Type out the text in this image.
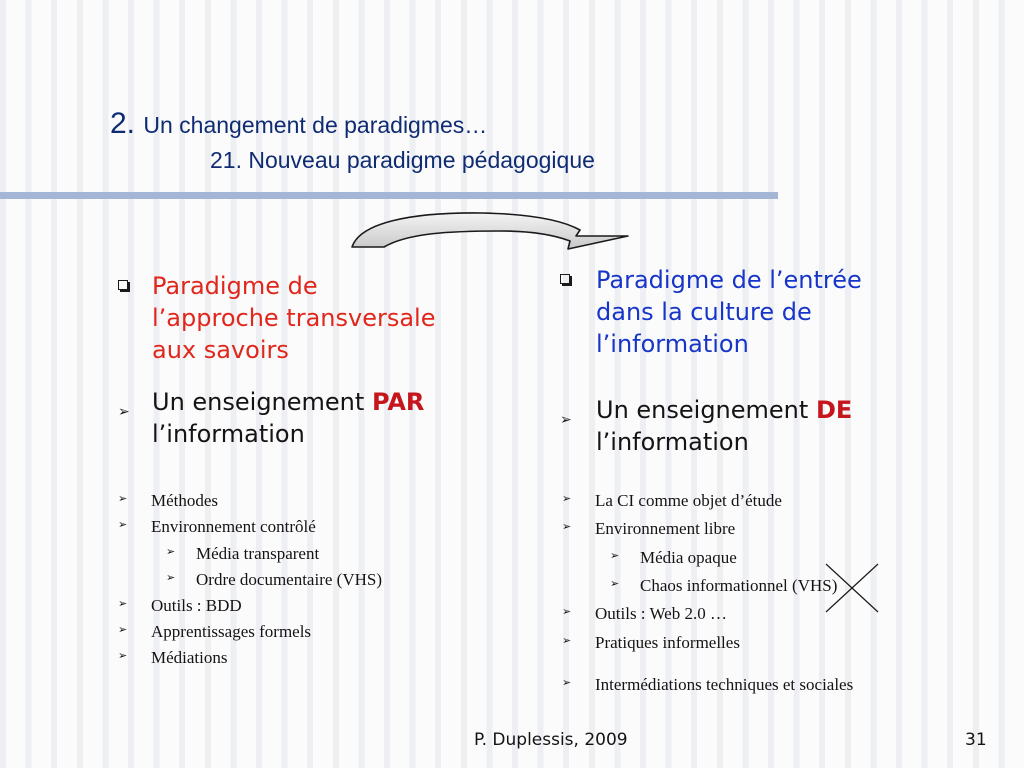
2. Un changement de paradigmes…
21. Nouveau paradigme pédagogique
Paradigme de
l’approche transversale
aux savoirs
➢ Un enseignement PAR
l’information
➢ Méthodes
➢ Environnement contrôlé
➢ Média transparent
➢ Ordre documentaire (VHS)
➢ Outils : BDD
➢ Apprentissages formels
➢ Médiations
Paradigme de l’entrée
dans la culture de
l’information
➢ Un enseignement DE
l’information
➢ La CI comme objet d’étude
➢ Environnement libre
➢ Média opaque
➢ Chaos informationnel (VHS)
➢ Outils : Web 2.0 …
➢ Pratiques informelles
➢ Intermédiations techniques et sociales
P. Duplessis, 2009	31
